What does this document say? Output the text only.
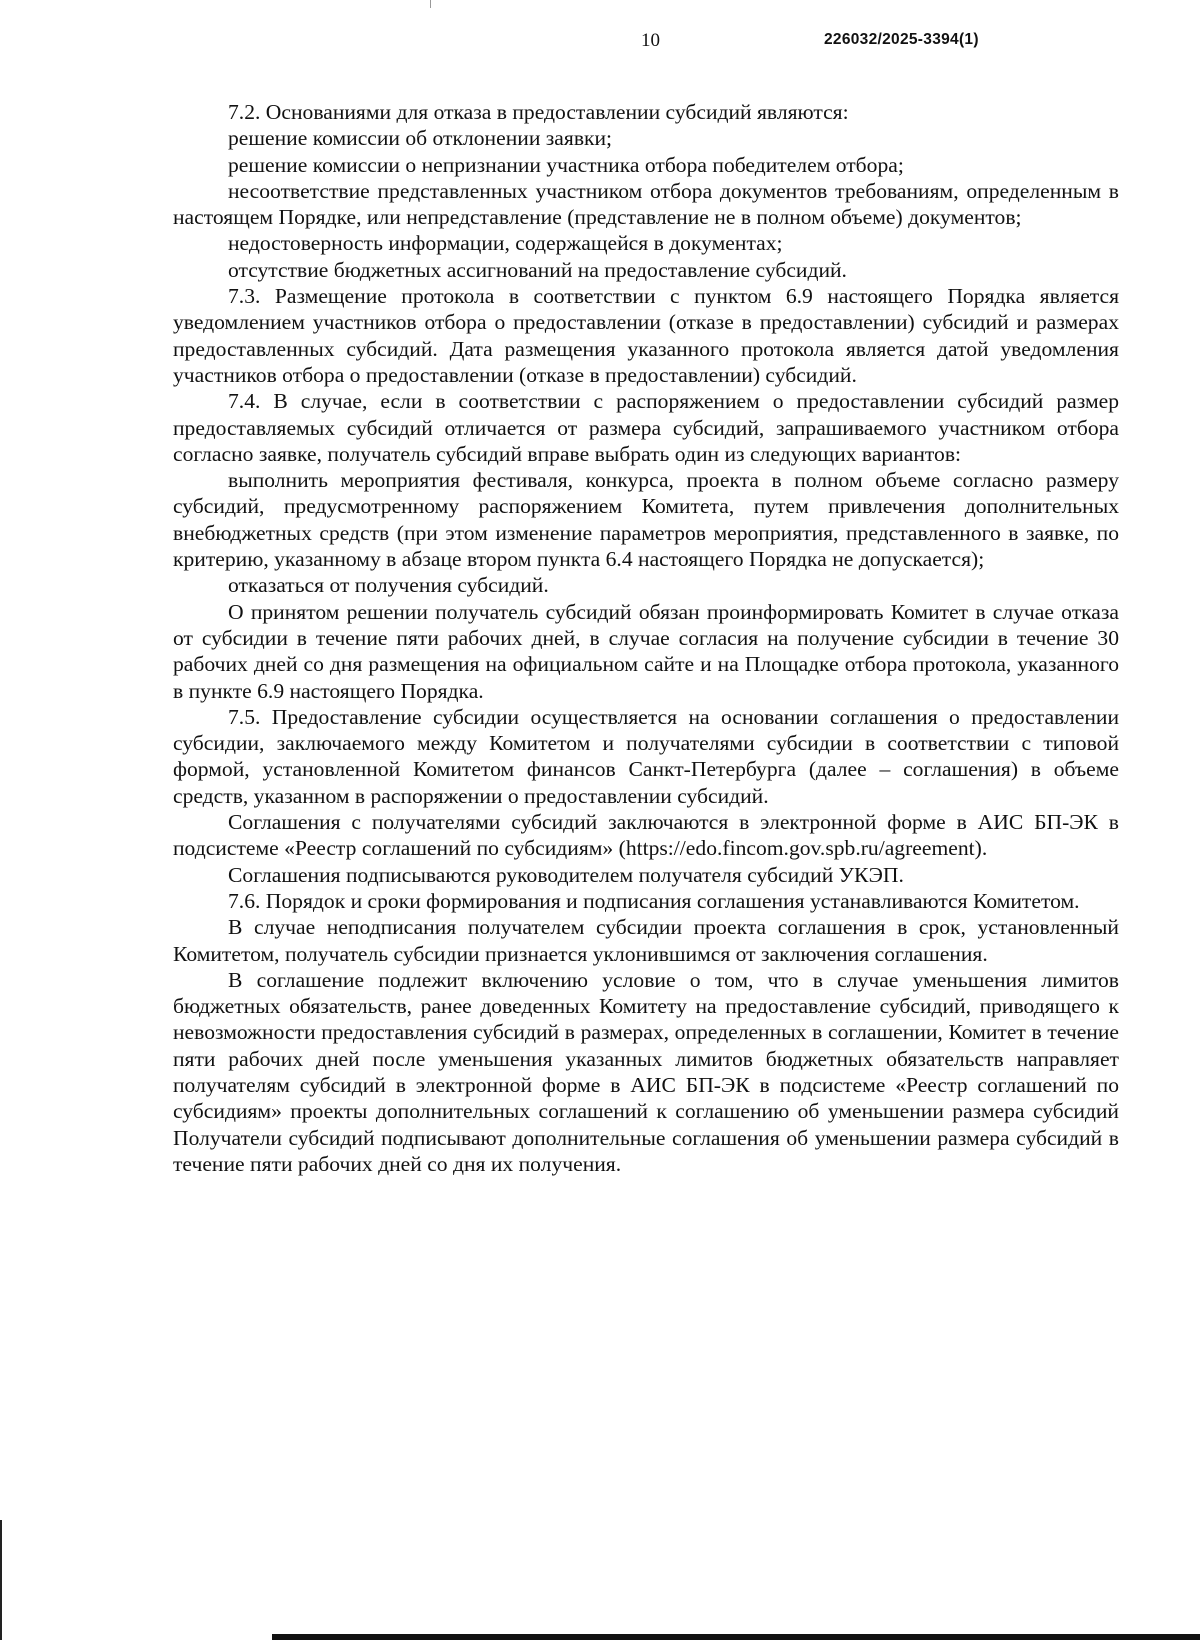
10	226032/2025-3394(1)

7.2. Основаниями для отказа в предоставлении субсидий являются:

решение комиссии об отклонении заявки;

решение комиссии о непризнании участника отбора победителем отбора;

несоответствие представленных участником отбора документов требованиям, определенным в настоящем Порядке, или непредставление (представление не в полном объеме) документов;

недостоверность информации, содержащейся в документах;

отсутствие бюджетных ассигнований на предоставление субсидий.

7.3. Размещение протокола в соответствии с пунктом 6.9 настоящего Порядка является уведомлением участников отбора о предоставлении (отказе в предоставлении) субсидий и размерах предоставленных субсидий. Дата размещения указанного протокола является датой уведомления участников отбора о предоставлении (отказе в предоставлении) субсидий.

7.4. В случае, если в соответствии с распоряжением о предоставлении субсидий размер предоставляемых субсидий отличается от размера субсидий, запрашиваемого участником отбора согласно заявке, получатель субсидий вправе выбрать один из следующих вариантов:

выполнить мероприятия фестиваля, конкурса, проекта в полном объеме согласно размеру субсидий, предусмотренному распоряжением Комитета, путем привлечения дополнительных внебюджетных средств (при этом изменение параметров мероприятия, представленного в заявке, по критерию, указанному в абзаце втором пункта 6.4 настоящего Порядка не допускается);

отказаться от получения субсидий.

О принятом решении получатель субсидий обязан проинформировать Комитет в случае отказа от субсидии в течение пяти рабочих дней, в случае согласия на получение субсидии в течение 30 рабочих дней со дня размещения на официальном сайте и на Площадке отбора протокола, указанного в пункте 6.9 настоящего Порядка.

7.5. Предоставление субсидии осуществляется на основании соглашения о предоставлении субсидии, заключаемого между Комитетом и получателями субсидии в соответствии с типовой формой, установленной Комитетом финансов Санкт-Петербурга (далее – соглашения) в объеме средств, указанном в распоряжении о предоставлении субсидий.

Соглашения с получателями субсидий заключаются в электронной форме в АИС БП-ЭК в подсистеме «Реестр соглашений по субсидиям» (https://edo.fincom.gov.spb.ru/agreement).

Соглашения подписываются руководителем получателя субсидий УКЭП.

7.6. Порядок и сроки формирования и подписания соглашения устанавливаются Комитетом.

В случае неподписания получателем субсидии проекта соглашения в срок, установленный Комитетом, получатель субсидии признается уклонившимся от заключения соглашения.

В соглашение подлежит включению условие о том, что в случае уменьшения лимитов бюджетных обязательств, ранее доведенных Комитету на предоставление субсидий, приводящего к невозможности предоставления субсидий в размерах, определенных в соглашении, Комитет в течение пяти рабочих дней после уменьшения указанных лимитов бюджетных обязательств направляет получателям субсидий в электронной форме в АИС БП-ЭК в подсистеме «Реестр соглашений по субсидиям» проекты дополнительных соглашений к соглашению об уменьшении размера субсидий Получатели субсидий подписывают дополнительные соглашения об уменьшении размера субсидий в течение пяти рабочих дней со дня их получения.
